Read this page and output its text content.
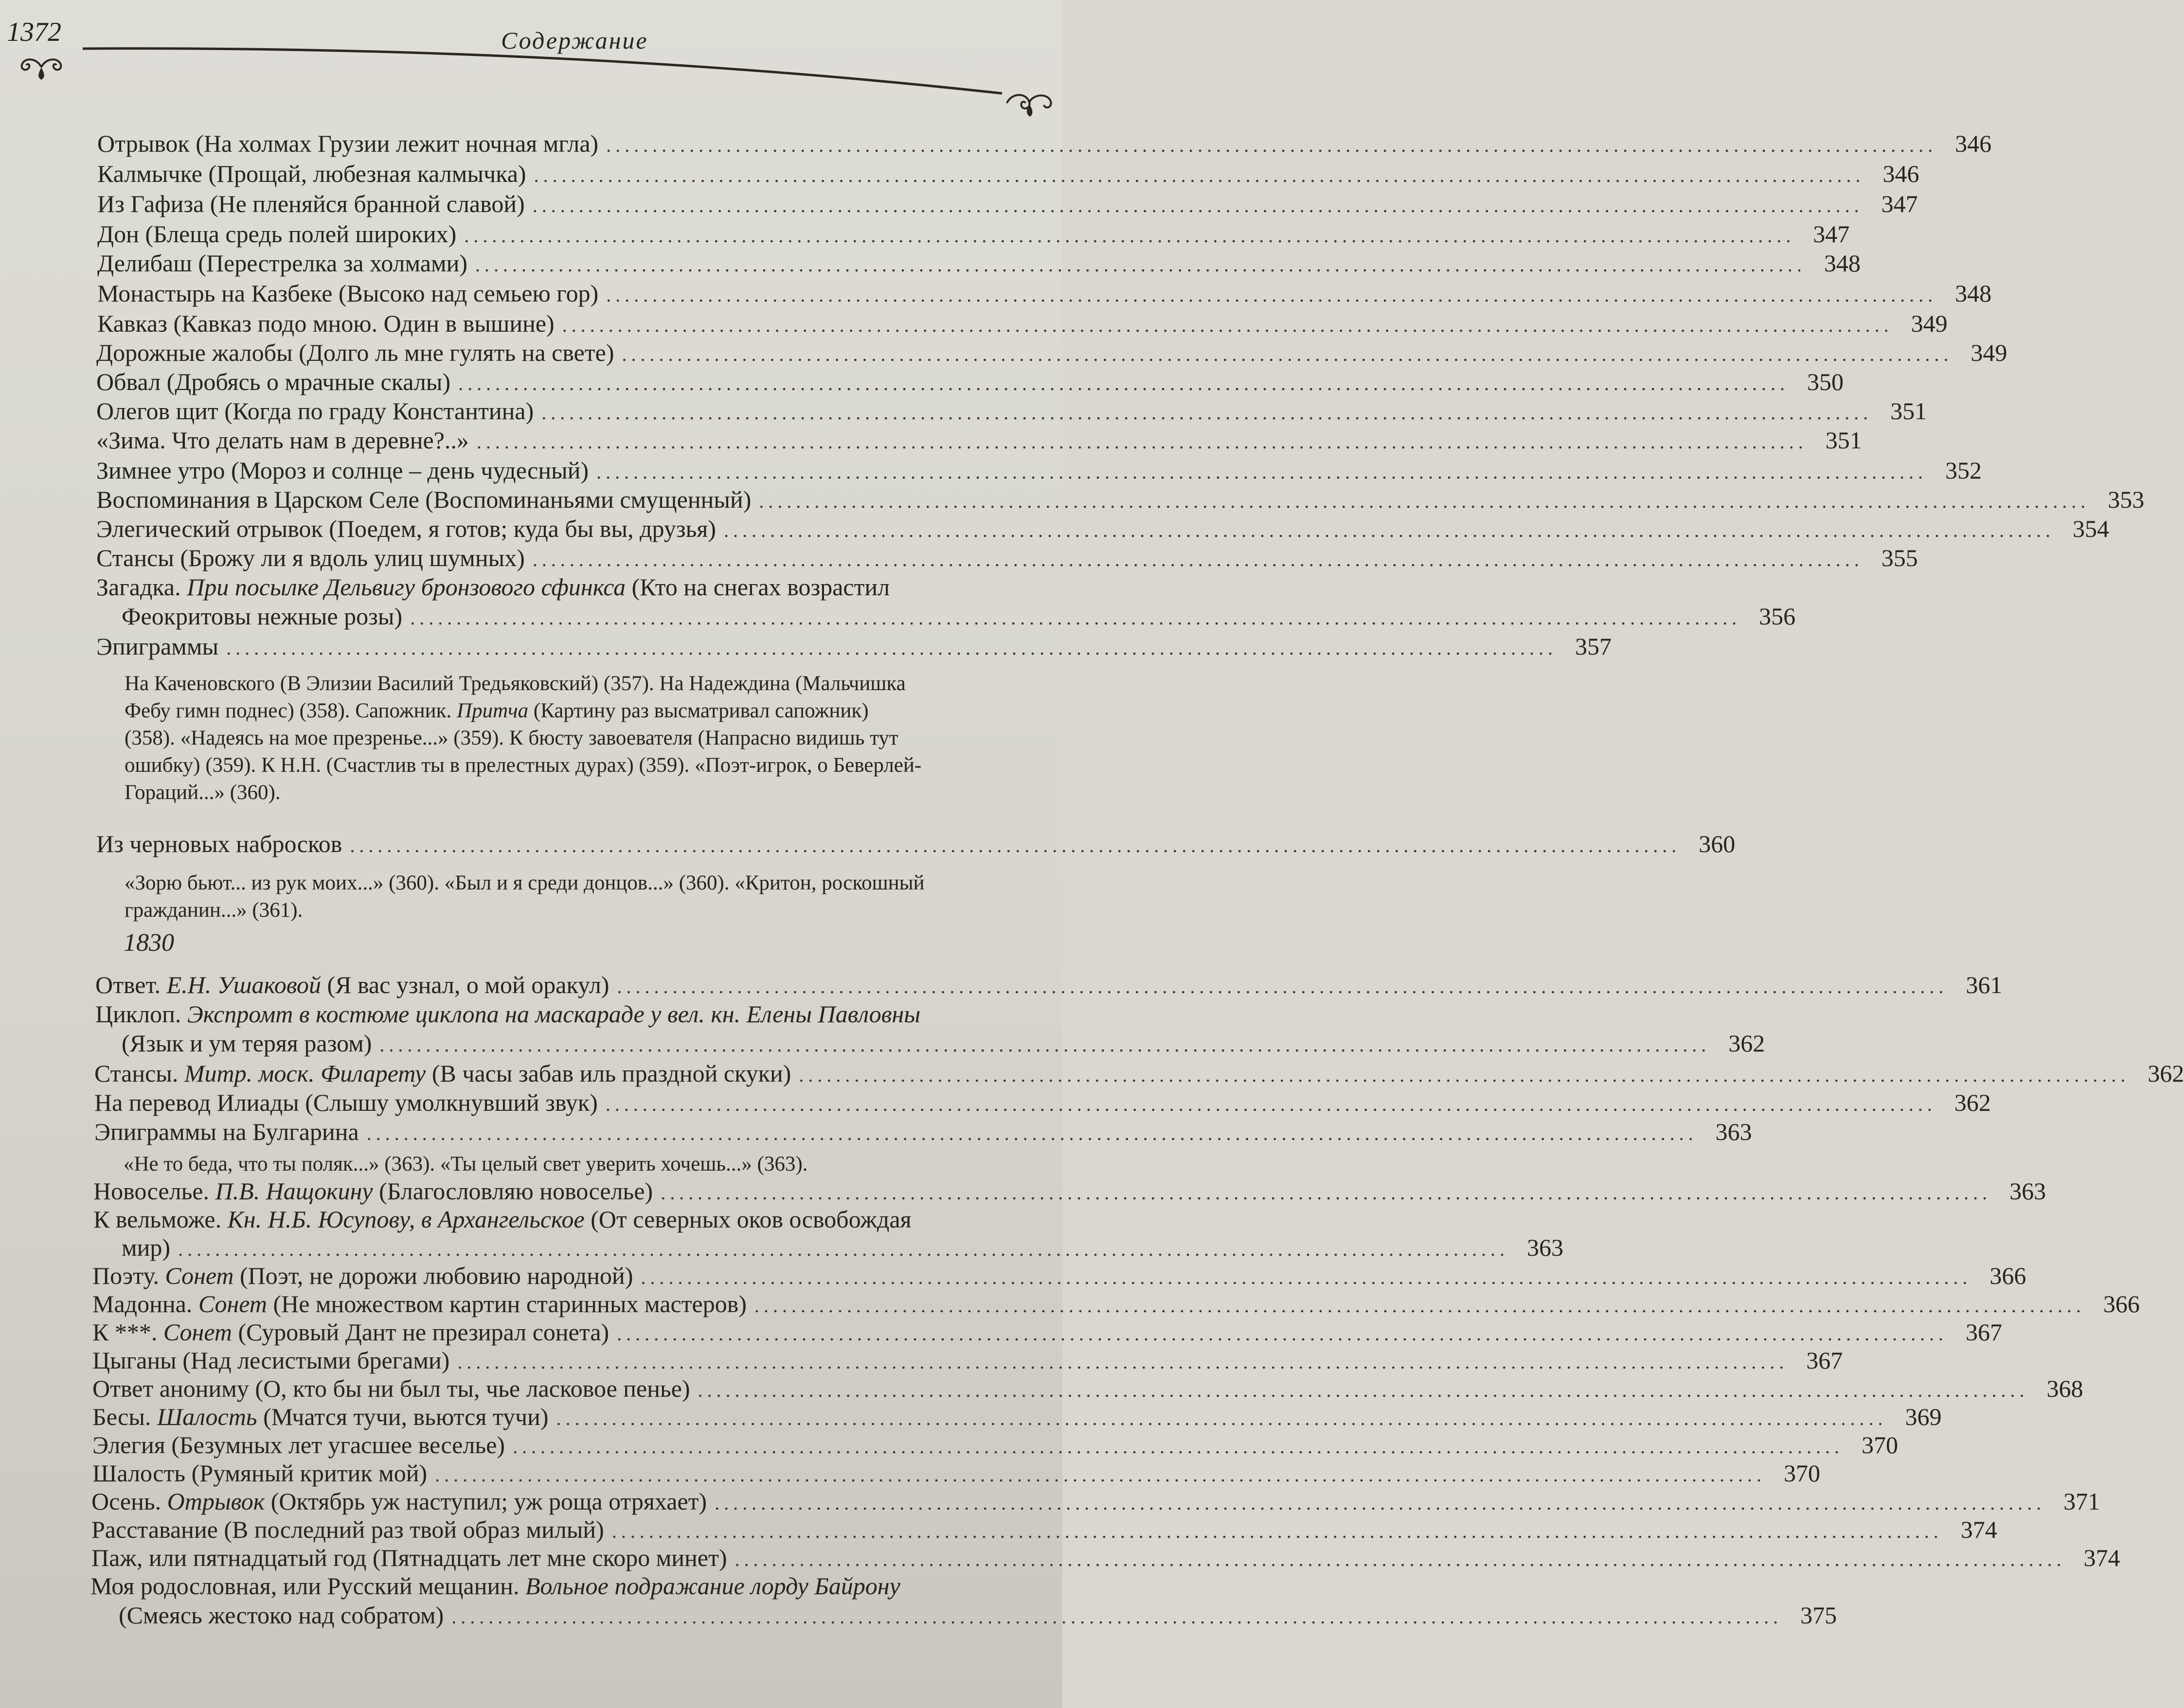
1372	Содержание
Отрывок (На холмах Грузии лежит ночная мгла) ................................................................................................................................................ 346
Калмычке (Прощай, любезная калмычка) ................................................................................................................................................ 346
Из Гафиза (Не пленяйся бранной славой) ................................................................................................................................................ 347
Дон (Блеща средь полей широких) ................................................................................................................................................ 347
Делибаш (Перестрелка за холмами) ................................................................................................................................................ 348
Монастырь на Казбеке (Высоко над семьею гор) ................................................................................................................................................ 348
Кавказ (Кавказ подо мною. Один в вышине) ................................................................................................................................................ 349
Дорожные жалобы (Долго ль мне гулять на свете) ................................................................................................................................................ 349
Обвал (Дробясь о мрачные скалы) ................................................................................................................................................ 350
Олегов щит (Когда по граду Константина) ................................................................................................................................................ 351
«Зима. Что делать нам в деревне?..» ................................................................................................................................................ 351
Зимнее утро (Мороз и солнце – день чудесный) ................................................................................................................................................ 352
Воспоминания в Царском Селе (Воспоминаньями смущенный) ................................................................................................................................................ 353
Элегический отрывок (Поедем, я готов; куда бы вы, друзья) ................................................................................................................................................ 354
Стансы (Брожу ли я вдоль улиц шумных) ................................................................................................................................................ 355
Загадка. При посылке Дельвигу бронзового сфинкса (Кто на снегах возрастил
Феокритовы нежные розы) ................................................................................................................................................ 356
Эпиграммы ................................................................................................................................................ 357
На Каченовского (В Элизии Василий Тредьяковский) (357). На Надеждина (Мальчишка
Фебу гимн поднес) (358). Сапожник. Притча (Картину раз высматривал сапожник)
(358). «Надеясь на мое презренье...» (359). К бюсту завоевателя (Напрасно видишь тут
ошибку) (359). К Н.Н. (Счастлив ты в прелестных дурах) (359). «Поэт-игрок, о Беверлей-
Гораций...» (360).
Из черновых набросков ................................................................................................................................................ 360
«Зорю бьют... из рук моих...» (360). «Был и я среди донцов...» (360). «Критон, роскошный
гражданин...» (361).
1830
Ответ. Е.Н. Ушаковой (Я вас узнал, о мой оракул) ................................................................................................................................................ 361
Циклоп. Экспромт в костюме циклопа на маскараде у вел. кн. Елены Павловны
(Язык и ум теряя разом) ................................................................................................................................................ 362
Стансы. Митр. моск. Филарету (В часы забав иль праздной скуки) ................................................................................................................................................ 362
На перевод Илиады (Слышу умолкнувший звук) ................................................................................................................................................ 362
Эпиграммы на Булгарина ................................................................................................................................................ 363
«Не то беда, что ты поляк...» (363). «Ты целый свет уверить хочешь...» (363).
Новоселье. П.В. Нащокину (Благословляю новоселье) ................................................................................................................................................ 363
К вельможе. Кн. Н.Б. Юсупову, в Архангельское (От северных оков освобождая
мир) ................................................................................................................................................ 363
Поэту. Сонет (Поэт, не дорожи любовию народной) ................................................................................................................................................ 366
Мадонна. Сонет (Не множеством картин старинных мастеров) ................................................................................................................................................ 366
К ***. Сонет (Суровый Дант не презирал сонета) ................................................................................................................................................ 367
Цыганы (Над лесистыми брегами) ................................................................................................................................................ 367
Ответ анониму (О, кто бы ни был ты, чье ласковое пенье) ................................................................................................................................................ 368
Бесы. Шалость (Мчатся тучи, вьются тучи) ................................................................................................................................................ 369
Элегия (Безумных лет угасшее веселье) ................................................................................................................................................ 370
Шалость (Румяный критик мой) ................................................................................................................................................ 370
Осень. Отрывок (Октябрь уж наступил; уж роща отряхает) ................................................................................................................................................ 371
Расставание (В последний раз твой образ милый) ................................................................................................................................................ 374
Паж, или пятнадцатый год (Пятнадцать лет мне скоро минет) ................................................................................................................................................ 374
Моя родословная, или Русский мещанин. Вольное подражание лорду Байрону
(Смеясь жестоко над собратом) ................................................................................................................................................ 375
